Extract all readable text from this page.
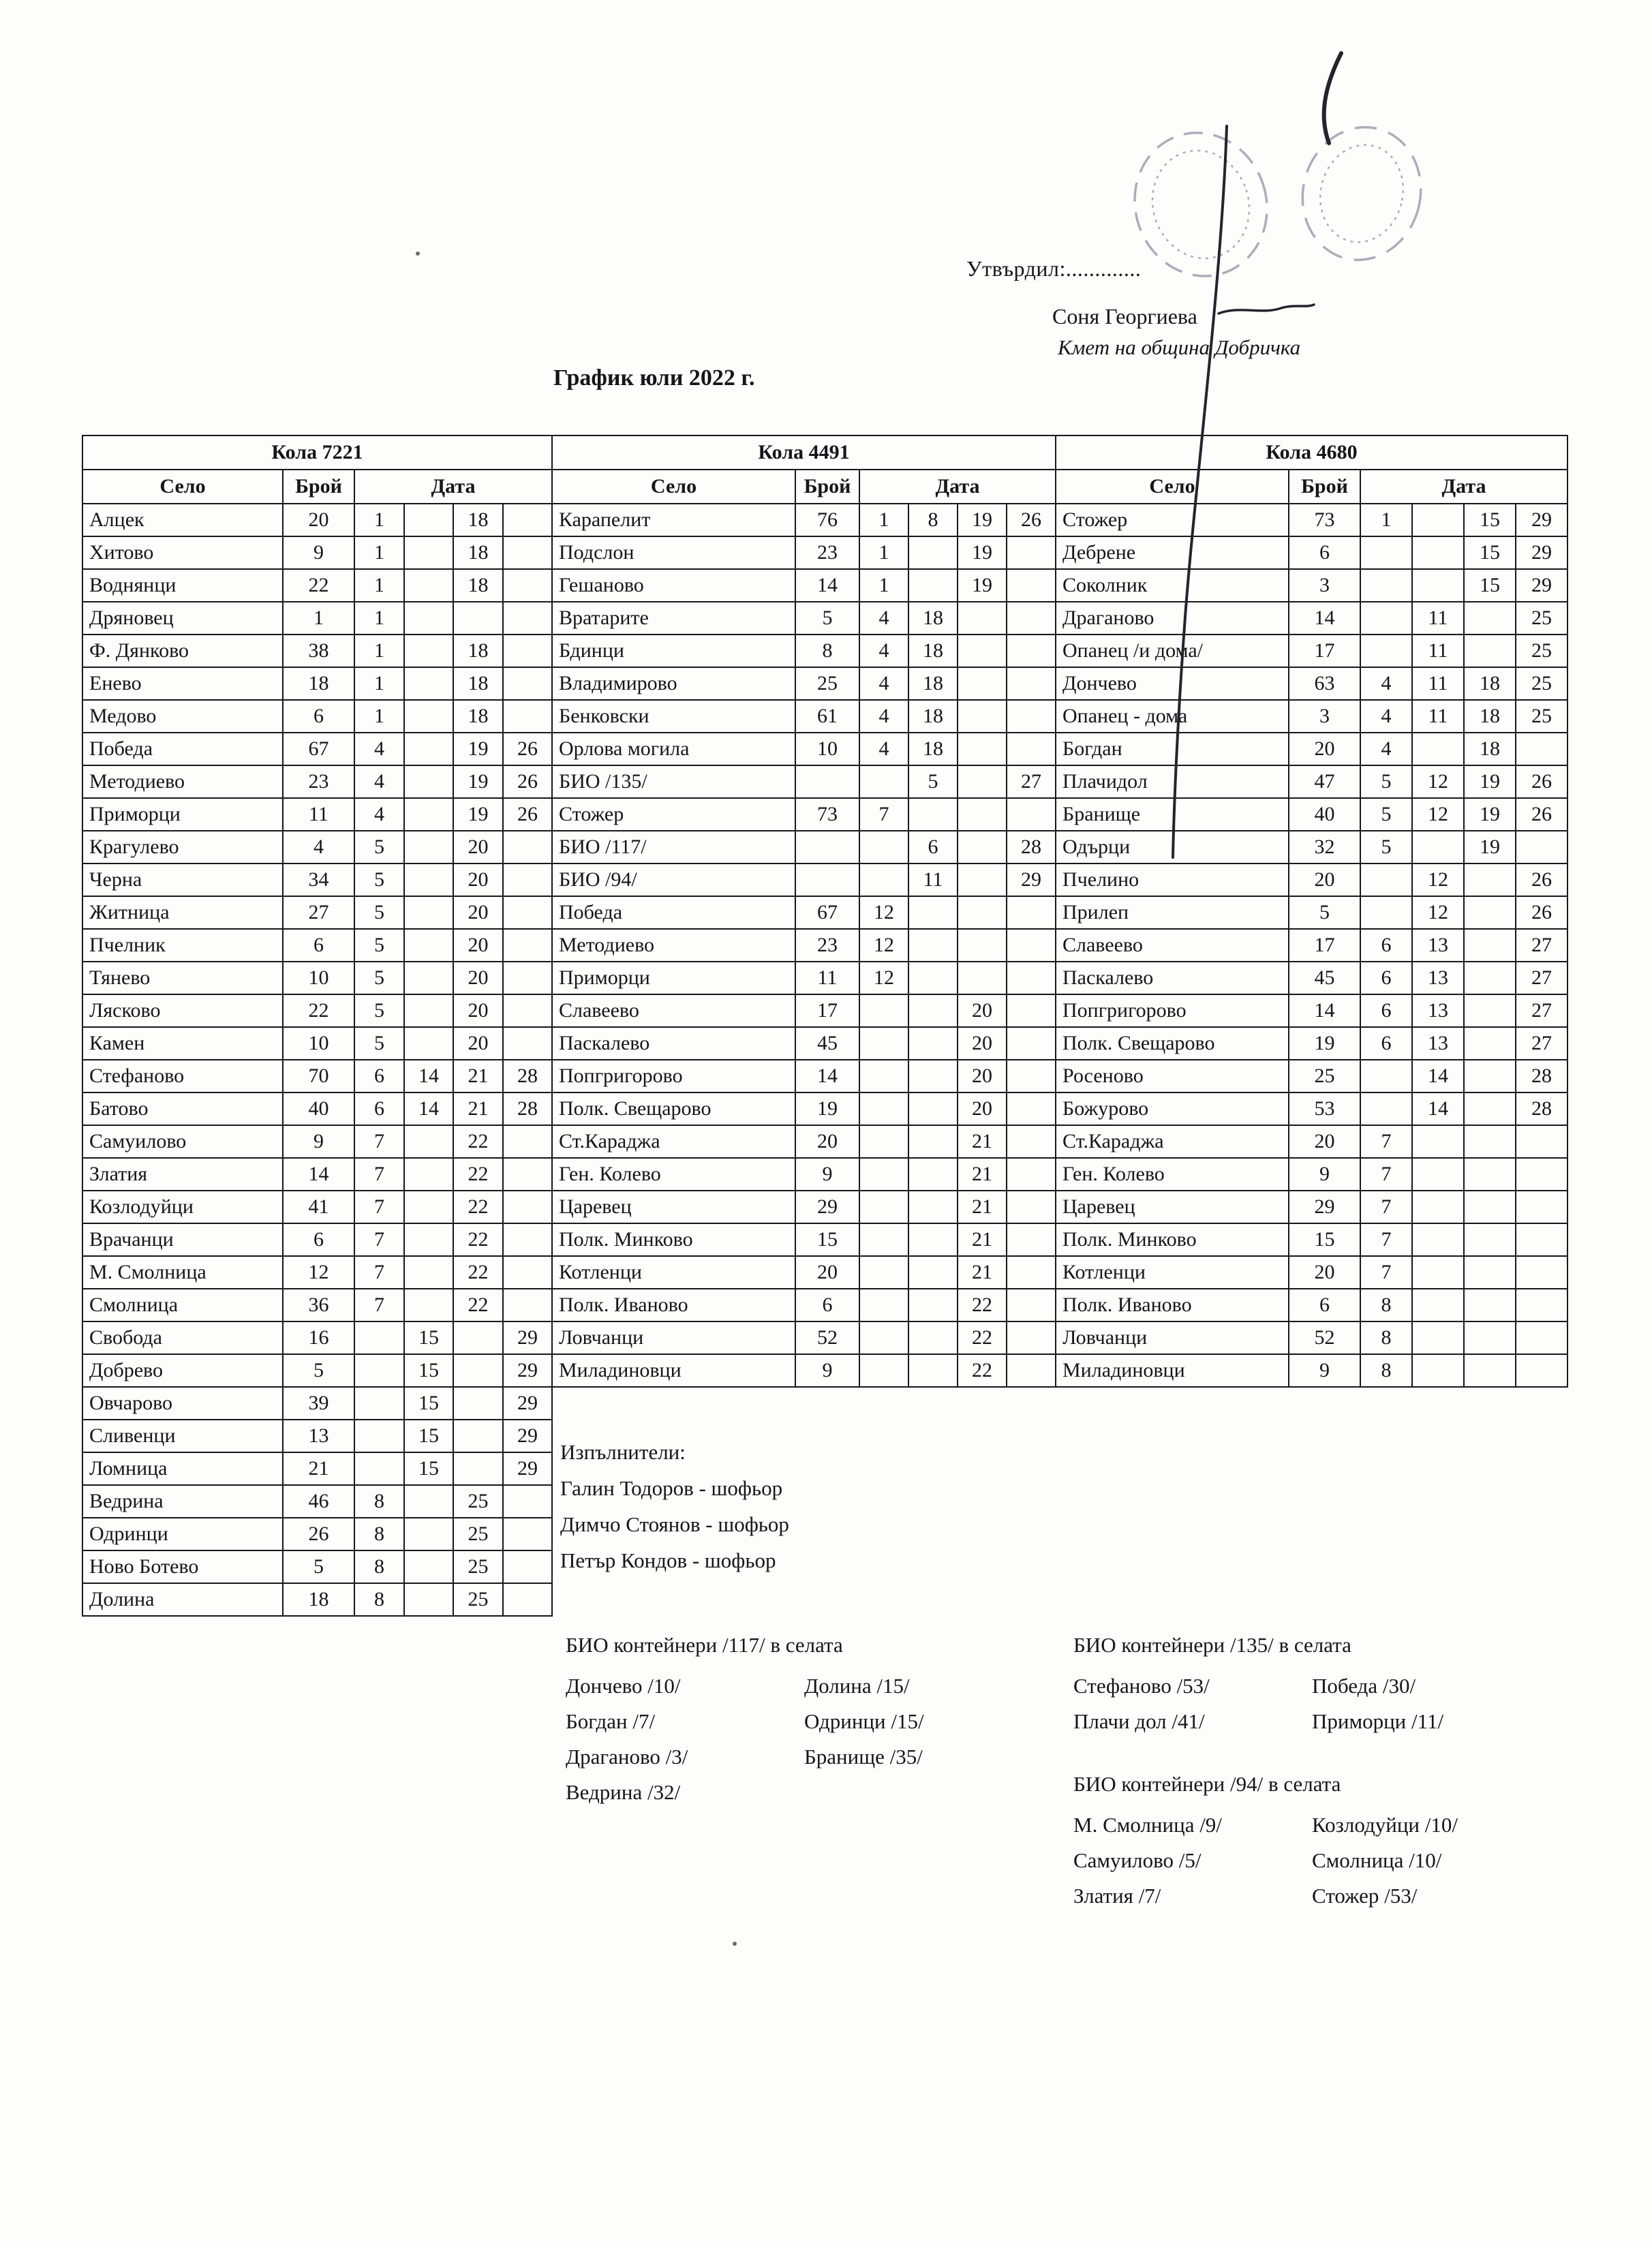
Утвърдил:.............
Соня Георгиева
Кмет на община Добричка
График юли 2022 г.
Кола 7221					
Село	Брой	Дата			
Алцек	20	1		18	
Хитово	9	1		18	
Воднянци	22	1		18	
Дряновец	1	1			
Ф. Дянково	38	1		18	
Енево	18	1		18	
Медово	6	1		18	
Победа	67	4		19	26
Методиево	23	4		19	26
Приморци	11	4		19	26
Крагулево	4	5		20	
Черна	34	5		20	
Житница	27	5		20	
Пчелник	6	5		20	
Тянево	10	5		20	
Лясково	22	5		20	
Камен	10	5		20	
Стефаново	70	6	14	21	28
Батово	40	6	14	21	28
Самуилово	9	7		22	
Златия	14	7		22	
Козлодуйци	41	7		22	
Врачанци	6	7		22	
М. Смолница	12	7		22	
Смолница	36	7		22	
Свобода	16		15		29
Добрево	5		15		29
Овчарово	39		15		29
Сливенци	13		15		29
Ломница	21		15		29
Ведрина	46	8		25	
Одринци	26	8		25	
Ново Ботево	5	8		25	
Долина	18	8		25	
Кола 4491					
Село	Брой	Дата			
Карапелит	76	1	8	19	26
Подслон	23	1		19	
Гешаново	14	1		19	
Вратарите	5	4	18		
Бдинци	8	4	18		
Владимирово	25	4	18		
Бенковски	61	4	18		
Орлова могила	10	4	18		
БИО /135/			5		27
Стожер	73	7			
БИО /117/			6		28
БИО /94/			11		29
Победа	67	12			
Методиево	23	12			
Приморци	11	12			
Славеево	17			20	
Паскалево	45			20	
Попгригорово	14			20	
Полк. Свещарово	19			20	
Ст.Караджа	20			21	
Ген. Колево	9			21	
Царевец	29			21	
Полк. Минково	15			21	
Котленци	20			21	
Полк. Иваново	6			22	
Ловчанци	52			22	
Миладиновци	9			22	
Кола 4680					
Село	Брой	Дата			
Стожер	73	1		15	29
Дебрене	6			15	29
Соколник	3			15	29
Драганово	14		11		25
Опанец /и дома/	17		11		25
Дончево	63	4	11	18	25
Опанец - дома	3	4	11	18	25
Богдан	20	4		18	
Плачидол	47	5	12	19	26
Бранище	40	5	12	19	26
Одърци	32	5		19	
Пчелино	20		12		26
Прилеп	5		12		26
Славеево	17	6	13		27
Паскалево	45	6	13		27
Попгригорово	14	6	13		27
Полк. Свещарово	19	6	13		27
Росеново	25		14		28
Божурово	53		14		28
Ст.Караджа	20	7			
Ген. Колево	9	7			
Царевец	29	7			
Полк. Минково	15	7			
Котленци	20	7			
Полк. Иваново	6	8			
Ловчанци	52	8			
Миладиновци	9	8			
Изпълнители:
Галин Тодоров - шофьор
Димчо Стоянов - шофьор
Петър Кондов - шофьор
БИО контейнери /117/ в селата
Дончево /10/	Долина /15/
Богдан /7/	Одринци /15/
Драганово /3/	Бранище /35/
Ведрина /32/
БИО контейнери /135/ в селата
Стефаново /53/	Победа /30/
Плачи дол /41/	Приморци /11/
БИО контейнери /94/ в селата
М. Смолница /9/	Козлодуйци /10/
Самуилово /5/	Смолница /10/
Златия /7/	Стожер /53/
